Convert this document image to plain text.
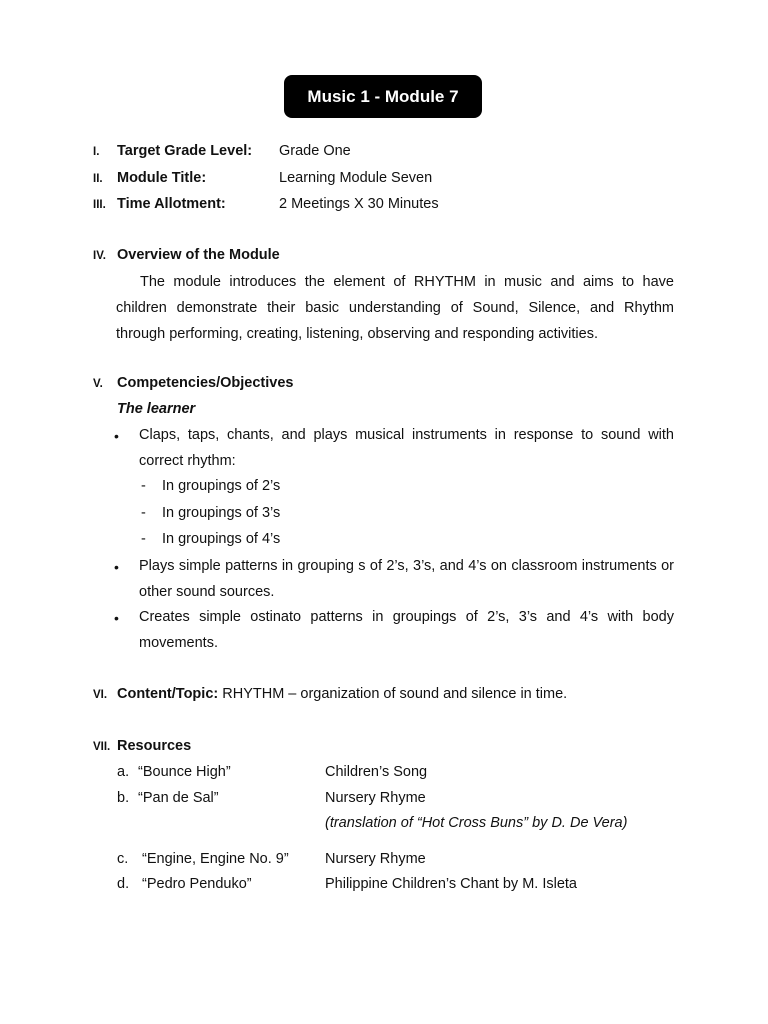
Music 1 - Module 7
I. Target Grade Level: Grade One
II. Module Title:	Learning Module Seven
III. Time Allotment:	2 Meetings X 30 Minutes
IV. Overview of the Module
The module introduces the element of RHYTHM in music and aims to have children demonstrate their basic understanding of Sound, Silence, and Rhythm through performing, creating, listening, observing and responding activities.
V. Competencies/Objectives
The learner
• Claps, taps, chants, and plays musical instruments in response to sound with correct rhythm:
- In groupings of 2’s
- In groupings of 3’s
- In groupings of 4’s
• Plays simple patterns in grouping s of 2’s, 3’s, and 4’s on classroom instruments or other sound sources.
• Creates simple ostinato patterns in groupings of 2’s, 3’s and 4’s with body movements.
VI. Content/Topic: RHYTHM – organization of sound and silence in time.
VII. Resources
a. “Bounce High”	Children’s Song
b. “Pan de Sal”	Nursery Rhyme
(translation of “Hot Cross Buns” by D. De Vera)
c. “Engine, Engine No. 9”	Nursery Rhyme
d. “Pedro Penduko”	Philippine Children’s Chant by M. Isleta
